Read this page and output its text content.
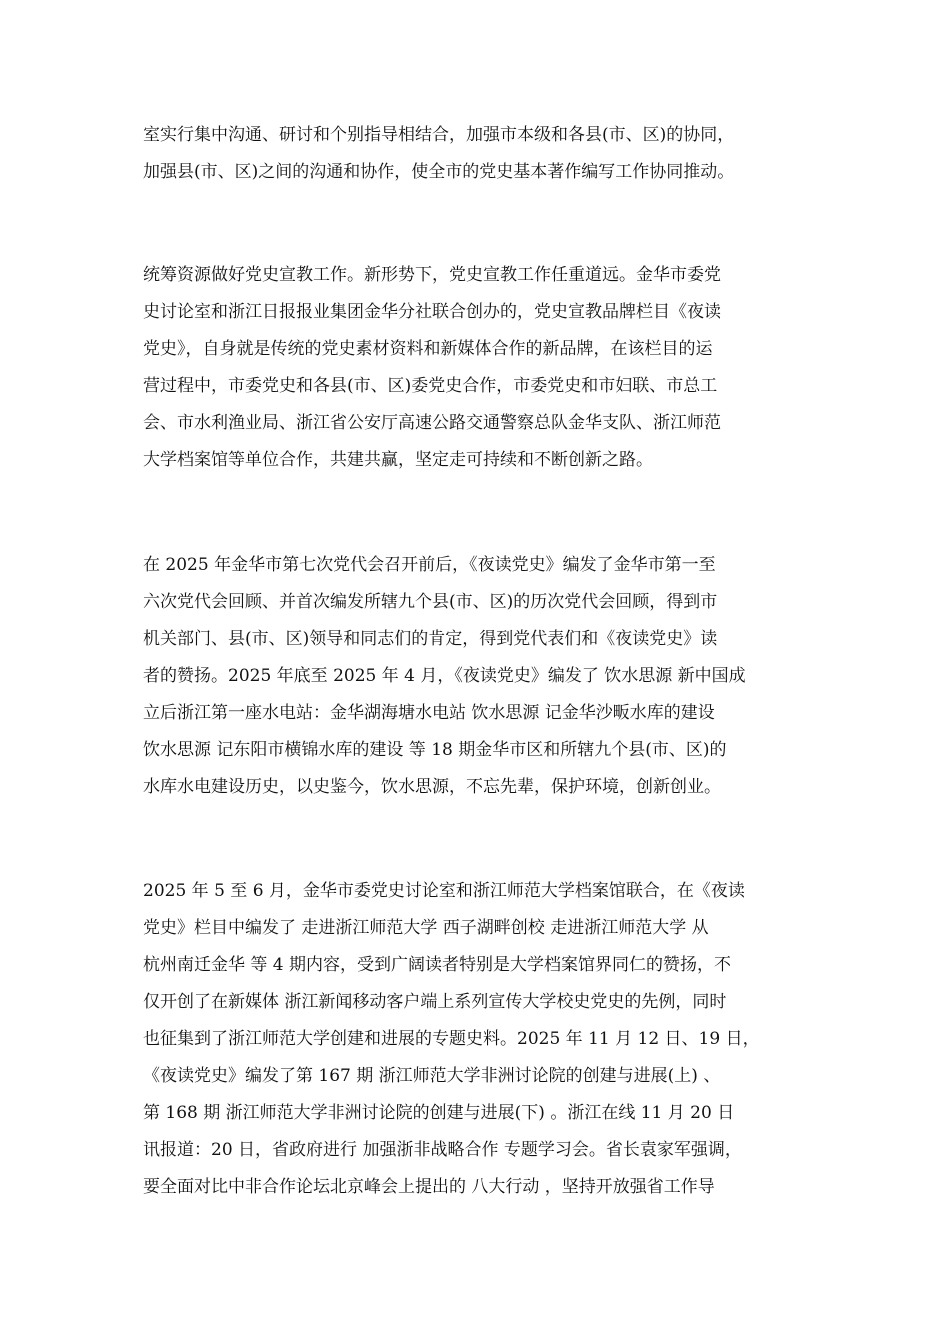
室实行集中沟通、研讨和个别指导相结合，加强市本级和各县(市、区)的协同，
加强县(市、区)之间的沟通和协作，使全市的党史基本著作编写工作协同推动。
统筹资源做好党史宣教工作。新形势下，党史宣教工作任重道远。金华市委党
史讨论室和浙江日报报业集团金华分社联合创办的，党史宣教品牌栏目《夜读
党史》，自身就是传统的党史素材资料和新媒体合作的新品牌，在该栏目的运
营过程中，市委党史和各县(市、区)委党史合作，市委党史和市妇联、市总工
会、市水利渔业局、浙江省公安厅高速公路交通警察总队金华支队、浙江师范
大学档案馆等单位合作，共建共赢，坚定走可持续和不断创新之路。
在 2025 年金华市第七次党代会召开前后，《夜读党史》编发了金华市第一至
六次党代会回顾、并首次编发所辖九个县(市、区)的历次党代会回顾，得到市
机关部门、县(市、区)领导和同志们的肯定，得到党代表们和《夜读党史》读
者的赞扬。2025 年底至 2025 年 4 月，《夜读党史》编发了 饮水思源 新中国成
立后浙江第一座水电站：金华湖海塘水电站 饮水思源 记金华沙畈水库的建设
饮水思源 记东阳市横锦水库的建设 等 18 期金华市区和所辖九个县(市、区)的
水库水电建设历史，以史鉴今，饮水思源，不忘先辈，保护环境，创新创业。
2025 年 5 至 6 月，金华市委党史讨论室和浙江师范大学档案馆联合，在《夜读
党史》栏目中编发了 走进浙江师范大学 西子湖畔创校 走进浙江师范大学 从
杭州南迁金华 等 4 期内容，受到广阔读者特别是大学档案馆界同仁的赞扬，不
仅开创了在新媒体 浙江新闻移动客户端上系列宣传大学校史党史的先例，同时
也征集到了浙江师范大学创建和进展的专题史料。2025 年 11 月 12 日、19 日，
《夜读党史》编发了第 167 期 浙江师范大学非洲讨论院的创建与进展(上) 、
第 168 期 浙江师范大学非洲讨论院的创建与进展(下) 。浙江在线 11 月 20 日
讯报道：20 日，省政府进行 加强浙非战略合作 专题学习会。省长袁家军强调，
要全面对比中非合作论坛北京峰会上提出的 八大行动 ，坚持开放强省工作导
